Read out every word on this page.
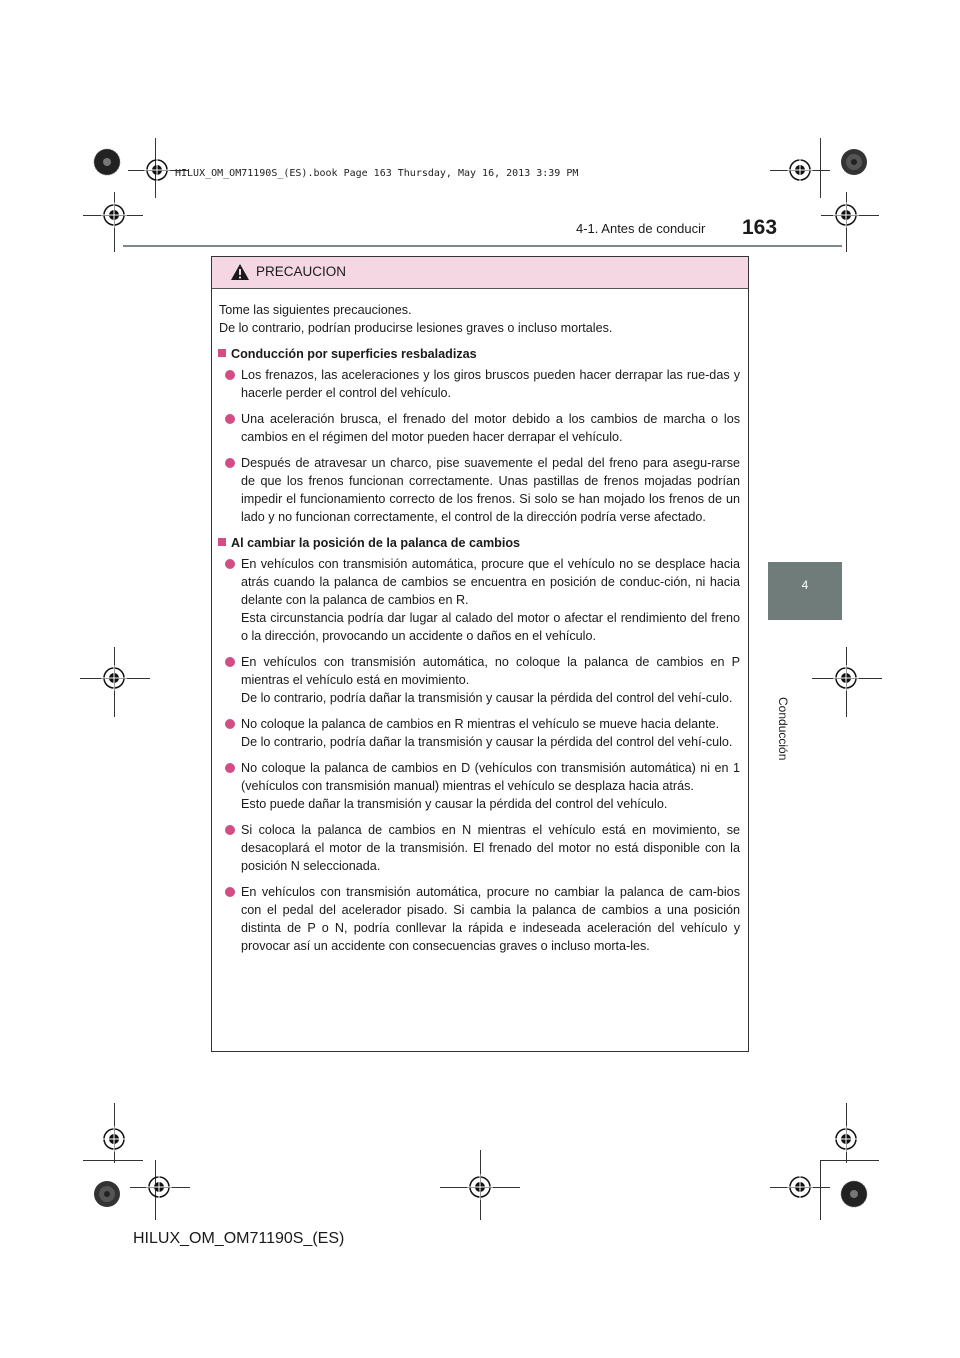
HILUX_OM_OM71190S_(ES).book Page 163 Thursday, May 16, 2013 3:39 PM
4-1. Antes de conducir 163
4
Conducción
PRECAUCION
Tome las siguientes precauciones.
De lo contrario, podrían producirse lesiones graves o incluso mortales.
Conducción por superficies resbaladizas

Los frenazos, las aceleraciones y los giros bruscos pueden hacer derrapar las rue-das y hacerle perder el control del vehículo.

Una aceleración brusca, el frenado del motor debido a los cambios de marcha o los cambios en el régimen del motor pueden hacer derrapar el vehículo.

Después de atravesar un charco, pise suavemente el pedal del freno para asegu-rarse de que los frenos funcionan correctamente. Unas pastillas de frenos mojadas podrían impedir el funcionamiento correcto de los frenos. Si solo se han mojado los frenos de un lado y no funcionan correctamente, el control de la dirección podría verse afectado.

Al cambiar la posición de la palanca de cambios

En vehículos con transmisión automática, procure que el vehículo no se desplace hacia atrás cuando la palanca de cambios se encuentra en posición de conduc-ción, ni hacia delante con la palanca de cambios en R.

Esta circunstancia podría dar lugar al calado del motor o afectar el rendimiento del freno o la dirección, provocando un accidente o daños en el vehículo.

En vehículos con transmisión automática, no coloque la palanca de cambios en P mientras el vehículo está en movimiento.

De lo contrario, podría dañar la transmisión y causar la pérdida del control del vehí-culo.

No coloque la palanca de cambios en R mientras el vehículo se mueve hacia delante.

De lo contrario, podría dañar la transmisión y causar la pérdida del control del vehí-culo.

No coloque la palanca de cambios en D (vehículos con transmisión automática) ni en 1 (vehículos con transmisión manual) mientras el vehículo se desplaza hacia atrás.

Esto puede dañar la transmisión y causar la pérdida del control del vehículo.

Si coloca la palanca de cambios en N mientras el vehículo está en movimiento, se desacoplará el motor de la transmisión. El frenado del motor no está disponible con la posición N seleccionada.

En vehículos con transmisión automática, procure no cambiar la palanca de cam-bios con el pedal del acelerador pisado. Si cambia la palanca de cambios a una posición distinta de P o N, podría conllevar la rápida e indeseada aceleración del vehículo y provocar así un accidente con consecuencias graves o incluso morta-les.

HILUX_OM_OM71190S_(ES)
